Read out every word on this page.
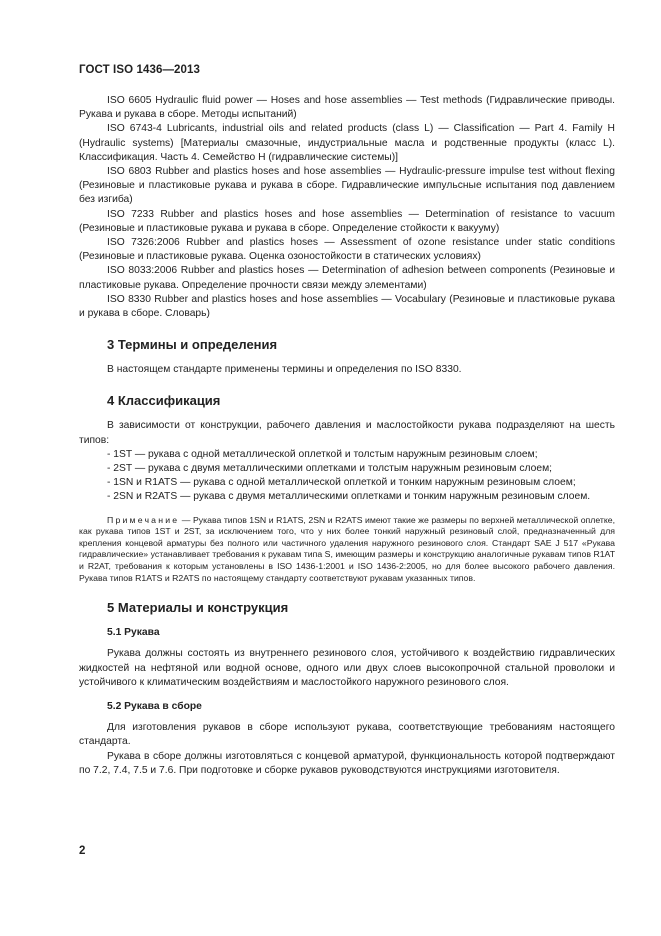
ГОСТ ISO 1436—2013

ISO 6605 Hydraulic fluid power — Hoses and hose assemblies — Test methods (Гидравлические приводы. Рукава и рукава в сборе. Методы испытаний)

ISO 6743-4 Lubricants, industrial oils and related products (class L) — Classification — Part 4. Family H (Hydraulic systems) [Материалы смазочные, индустриальные масла и родственные продукты (класс L). Классификация. Часть 4. Семейство H (гидравлические системы)]

ISO 6803 Rubber and plastics hoses and hose assemblies — Hydraulic-pressure impulse test without flexing (Резиновые и пластиковые рукава и рукава в сборе. Гидравлические импульсные испытания под давлением без изгиба)

ISO 7233 Rubber and plastics hoses and hose assemblies — Determination of resistance to vacuum (Резиновые и пластиковые рукава и рукава в сборе. Определение стойкости к вакууму)

ISO 7326:2006 Rubber and plastics hoses — Assessment of ozone resistance under static conditions (Резиновые и пластиковые рукава. Оценка озоностойкости в статических условиях)

ISO 8033:2006 Rubber and plastics hoses — Determination of adhesion between components (Резиновые и пластиковые рукава. Определение прочности связи между элементами)

ISO 8330 Rubber and plastics hoses and hose assemblies — Vocabulary (Резиновые и пластиковые рукава и рукава в сборе. Словарь)

3 Термины и определения

В настоящем стандарте применены термины и определения по ISO 8330.

4 Классификация

В зависимости от конструкции, рабочего давления и маслостойкости рукава подразделяют на шесть типов:

- 1ST — рукава с одной металлической оплеткой и толстым наружным резиновым слоем;

- 2ST — рукава с двумя металлическими оплетками и толстым наружным резиновым слоем;

- 1SN и R1ATS — рукава с одной металлической оплеткой и тонким наружным резиновым слоем;

- 2SN и R2ATS — рукава с двумя металлическими оплетками и тонким наружным резиновым слоем.

Примечание — Рукава типов 1SN и R1ATS, 2SN и R2ATS имеют такие же размеры по верхней металлической оплетке, как рукава типов 1ST и 2ST, за исключением того, что у них более тонкий наружный резиновый слой, предназначенный для крепления концевой арматуры без полного или частичного удаления наружного резинового слоя. Стандарт SAE J 517 «Рукава гидравлические» устанавливает требования к рукавам типа S, имеющим размеры и конструкцию аналогичные рукавам типов R1AT и R2AT, требования к которым установлены в ISO 1436-1:2001 и ISO 1436-2:2005, но для более высокого рабочего давления. Рукава типов R1ATS и R2ATS по настоящему стандарту соответствуют рукавам указанных типов.

5 Материалы и конструкция
5.1 Рукава

Рукава должны состоять из внутреннего резинового слоя, устойчивого к воздействию гидравлических жидкостей на нефтяной или водной основе, одного или двух слоев высокопрочной стальной проволоки и устойчивого к климатическим воздействиям и маслостойкого наружного резинового слоя.

5.2 Рукава в сборе

Для изготовления рукавов в сборе используют рукава, соответствующие требованиям настоящего стандарта.

Рукава в сборе должны изготовляться с концевой арматурой, функциональность которой подтверждают по 7.2, 7.4, 7.5 и 7.6. При подготовке и сборке рукавов руководствуются инструкциями изготовителя.

2
